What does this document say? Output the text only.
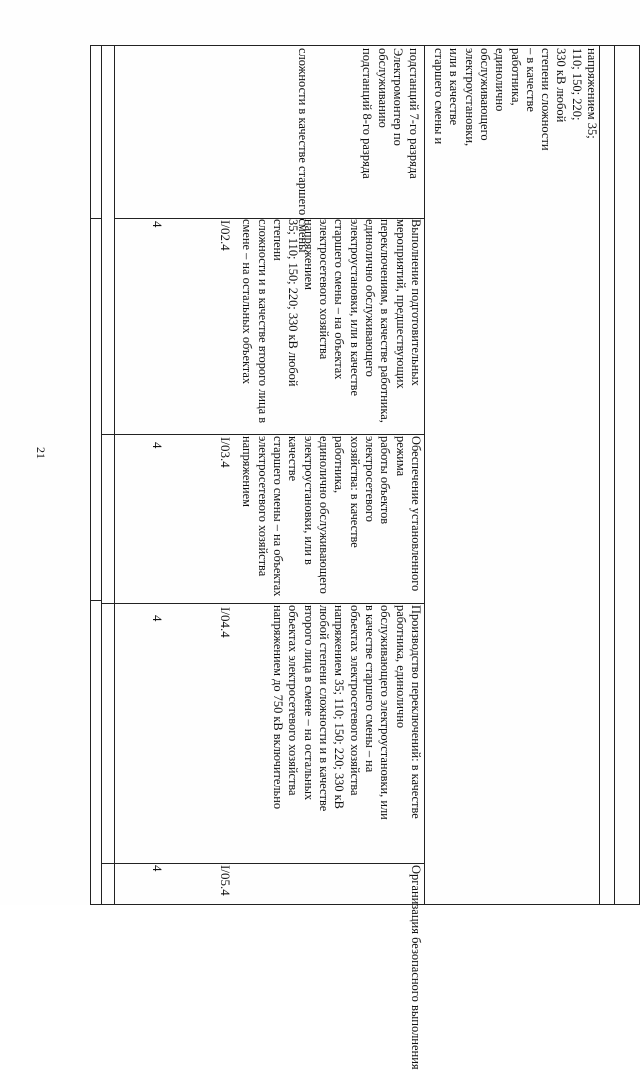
21
напряжением 35;
110; 150; 220;
330 кВ любой
степени сложности
– в качестве
работника,
единолично
обслуживающего
электроустановки,
или в качестве
старшего смены и

подстанций 7-го разряда
Электромонтер по
обслуживанию
подстанций 8-го разряда
сложности в качестве старшего смены	Выполнение подготовительных
мероприятий, предшествующих
переключениям, в качестве работника,
единолично обслуживающего
электроустановки, или в качестве
старшего смены – на объектах
электросетевого хозяйства напряжением
35; 110; 150; 220; 330 кВ любой степени
сложности и в качестве второго лица в
смене – на остальных объектах

I/02.4
4
Обеспечение установленного режима
работы объектов электросетевого
хозяйства: в качестве работника,
единолично обслуживающего
электроустановки, или в качестве
старшего смены – на объектах
электросетевого хозяйства напряжением

I/03.4
4
Производство переключений: в качестве
работника, единолично
обслуживающего электроустановки, или
в качестве старшего смены – на
объектах электросетевого хозяйства
напряжением 35; 110; 150; 220; 330 кВ
любой степени сложности и в качестве
второго лица в смене – на остальных
объектах электросетевого хозяйства
напряжением до 750 кВ включительно
I/04.4
4
Организация безопасного выполнения
I/05.4
4
